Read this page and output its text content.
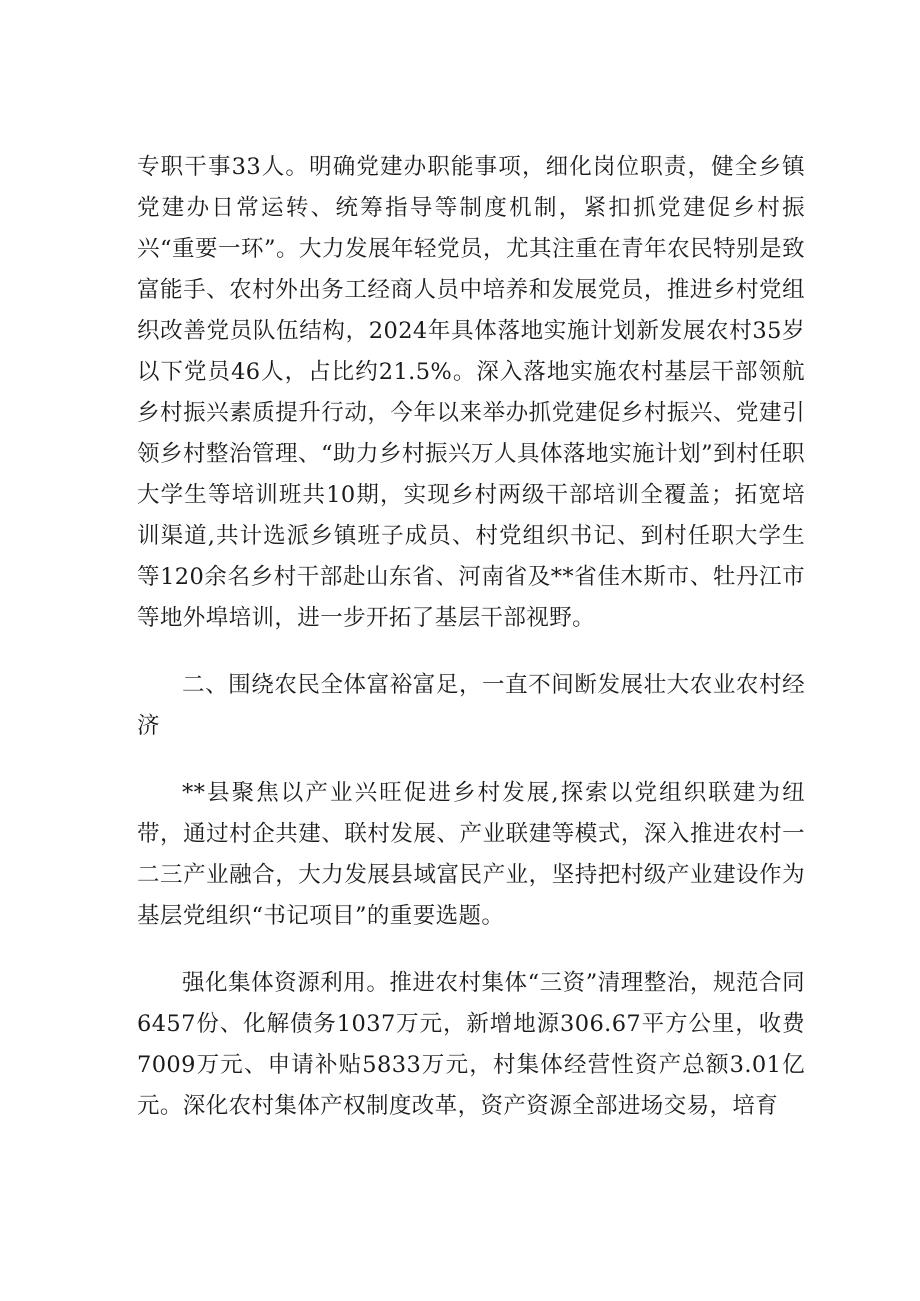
专职干事33人。明确党建办职能事项，细化岗位职责，健全乡镇党建办日常运转、统筹指导等制度机制，紧扣抓党建促乡村振兴“重要一环”。大力发展年轻党员，尤其注重在青年农民特别是致富能手、农村外出务工经商人员中培养和发展党员，推进乡村党组织改善党员队伍结构，2024年具体落地实施计划新发展农村35岁以下党员46人，占比约21.5%。深入落地实施农村基层干部领航乡村振兴素质提升行动，今年以来举办抓党建促乡村振兴、党建引领乡村整治管理、“助力乡村振兴万人具体落地实施计划”到村任职大学生等培训班共10期，实现乡村两级干部培训全覆盖；拓宽培训渠道,共计选派乡镇班子成员、村党组织书记、到村任职大学生等120余名乡村干部赴山东省、河南省及**省佳木斯市、牡丹江市等地外埠培训，进一步开拓了基层干部视野。

二、围绕农民全体富裕富足，一直不间断发展壮大农业农村经济

**县聚焦以产业兴旺促进乡村发展,探索以党组织联建为纽带，通过村企共建、联村发展、产业联建等模式，深入推进农村一二三产业融合，大力发展县域富民产业，坚持把村级产业建设作为基层党组织“书记项目”的重要选题。

强化集体资源利用。推进农村集体“三资”清理整治，规范合同6457份、化解债务1037万元，新增地源306.67平方公里，收费7009万元、申请补贴5833万元，村集体经营性资产总额3.01亿元。深化农村集体产权制度改革，资产资源全部进场交易，培育
